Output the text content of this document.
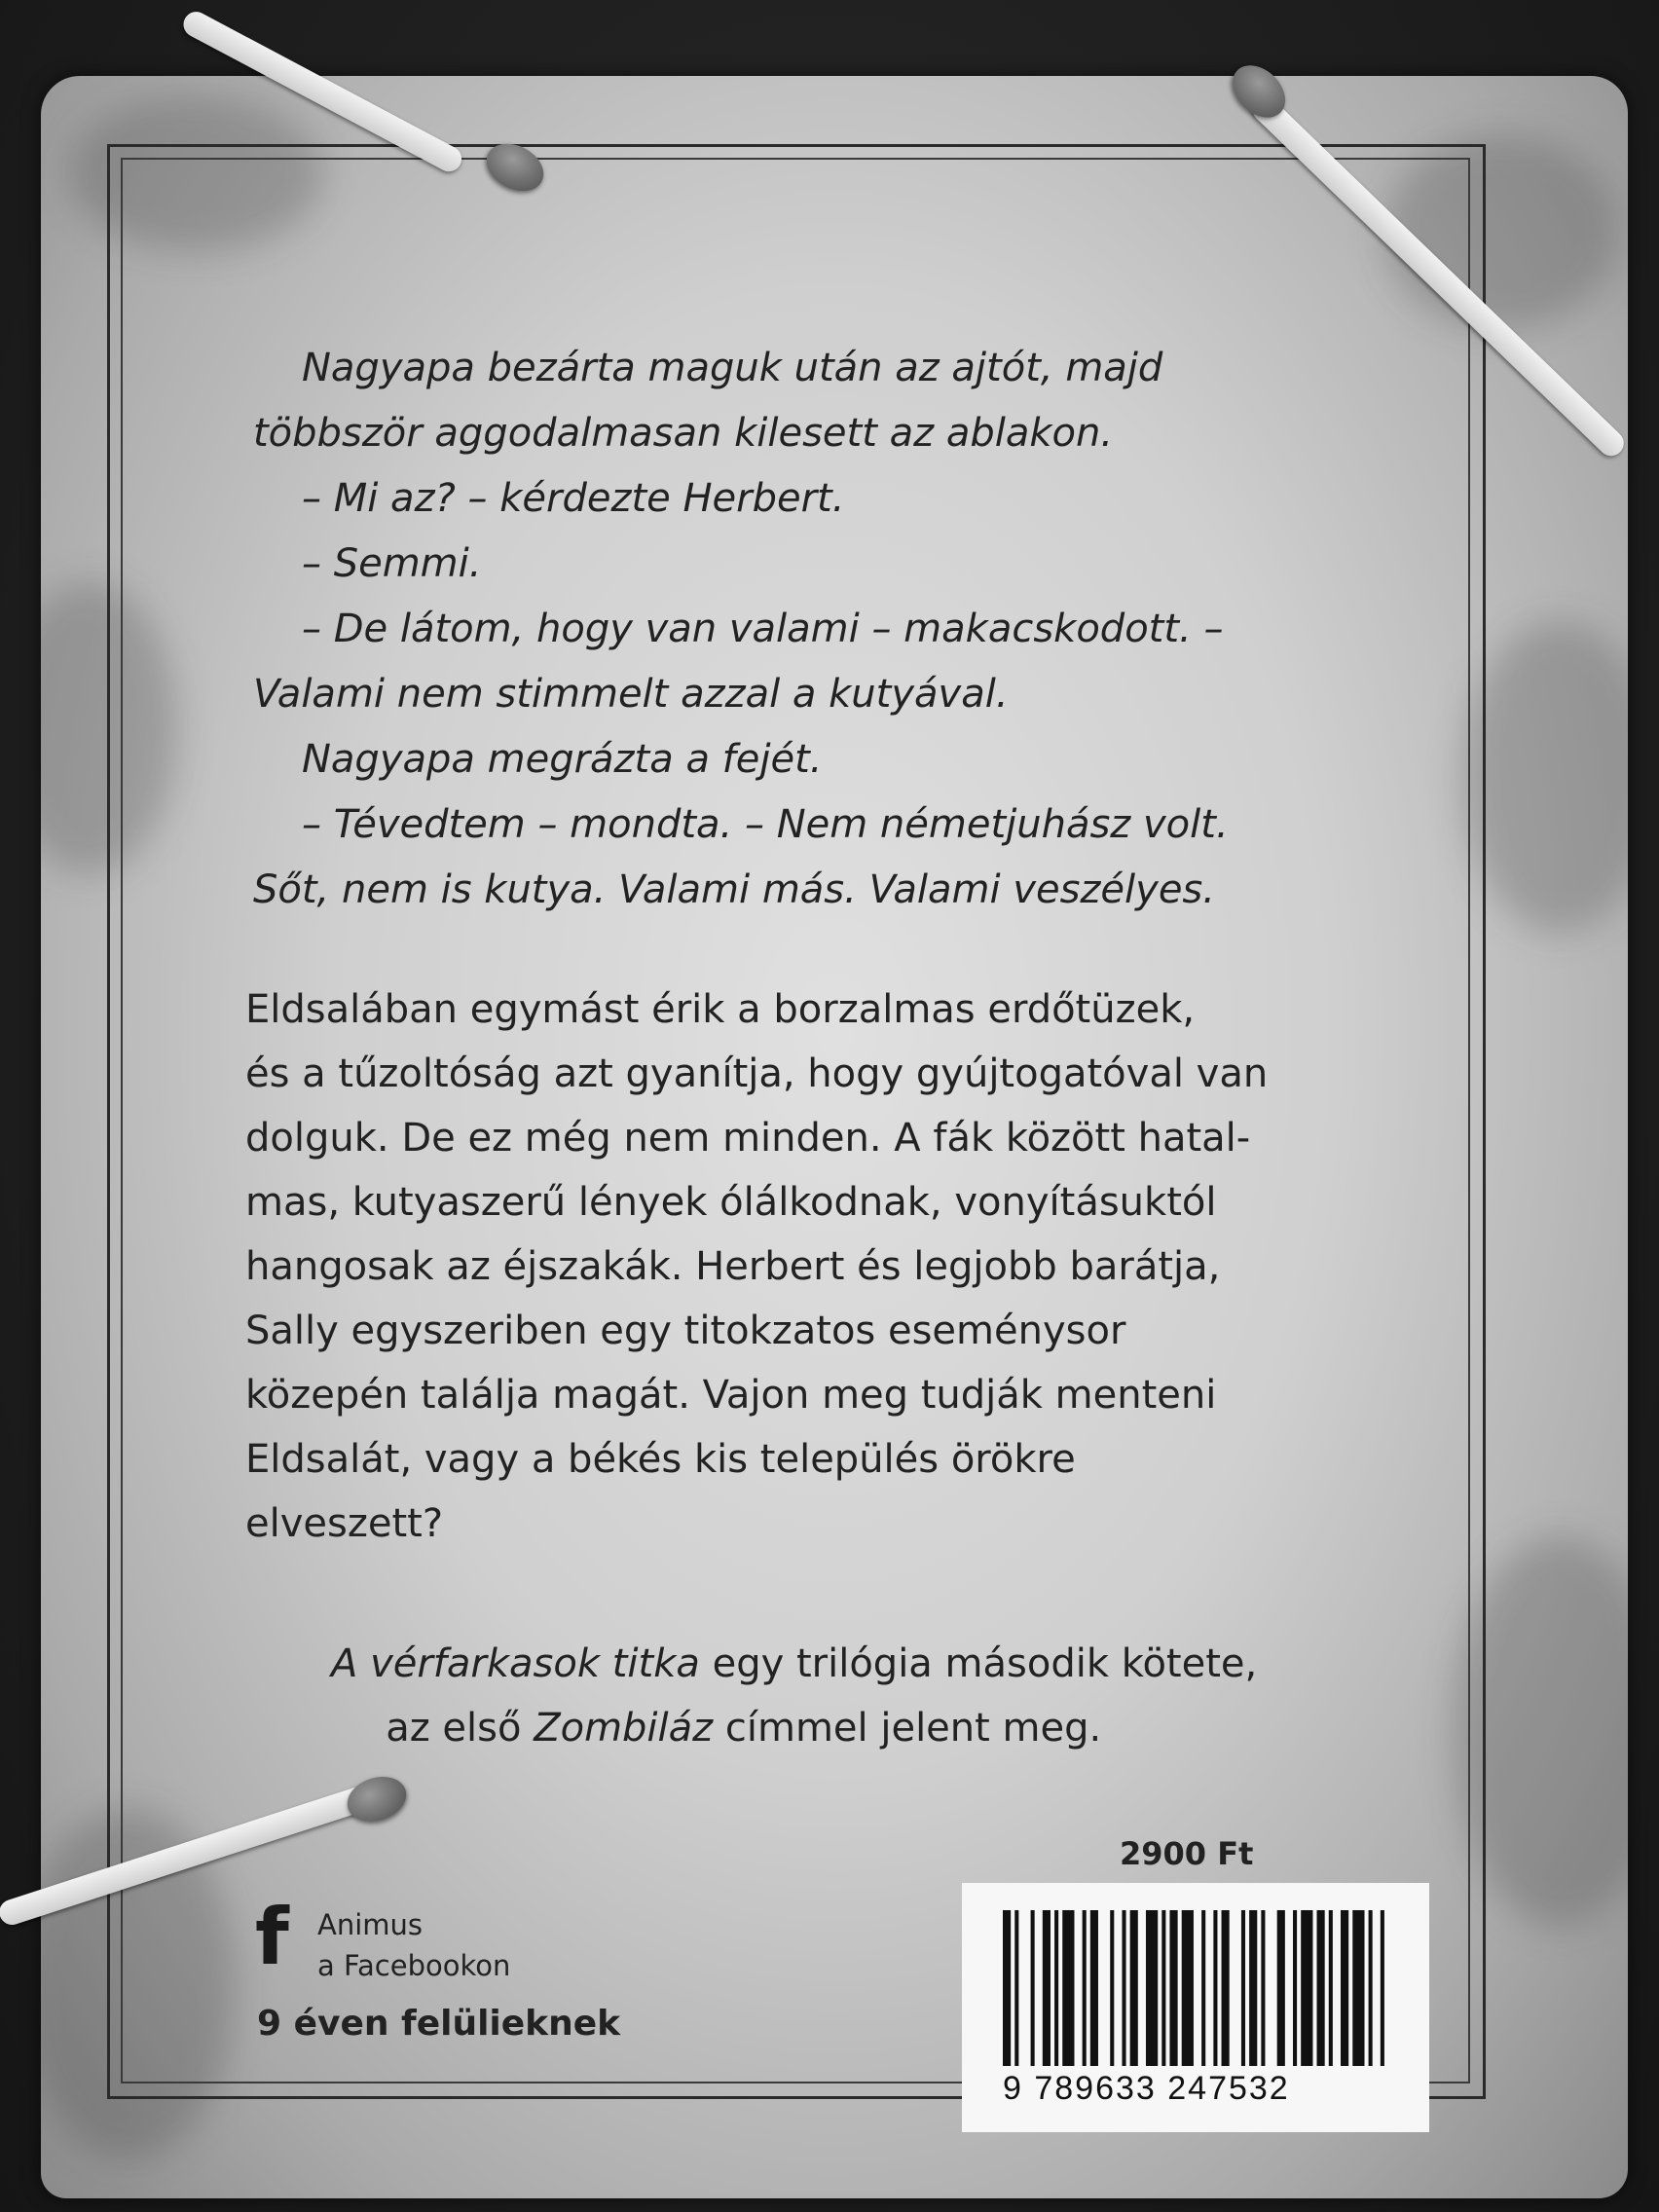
Nagyapa bezárta maguk után az ajtót, majd
többször aggodalmasan kilesett az ablakon.
– Mi az? – kérdezte Herbert.
– Semmi.
– De látom, hogy van valami – makacskodott. –
Valami nem stimmelt azzal a kutyával.
Nagyapa megrázta a fejét.
– Tévedtem – mondta. – Nem németjuhász volt.
Sőt, nem is kutya. Valami más. Valami veszélyes.
Eldsalában egymást érik a borzalmas erdőtüzek,
és a tűzoltóság azt gyanítja, hogy gyújtogatóval van
dolguk. De ez még nem minden. A fák között hatal-
mas, kutyaszerű lények ólálkodnak, vonyításuktól
hangosak az éjszakák. Herbert és legjobb barátja,
Sally egyszeriben egy titokzatos eseménysor
közepén találja magát. Vajon meg tudják menteni
Eldsalát, vagy a békés kis település örökre
elveszett?
A vérfarkasok titka egy trilógia második kötete,
az első Zombiláz címmel jelent meg.
2900 Ft
f Animus
a Facebookon
9 éven felülieknek
9 789633 247532
